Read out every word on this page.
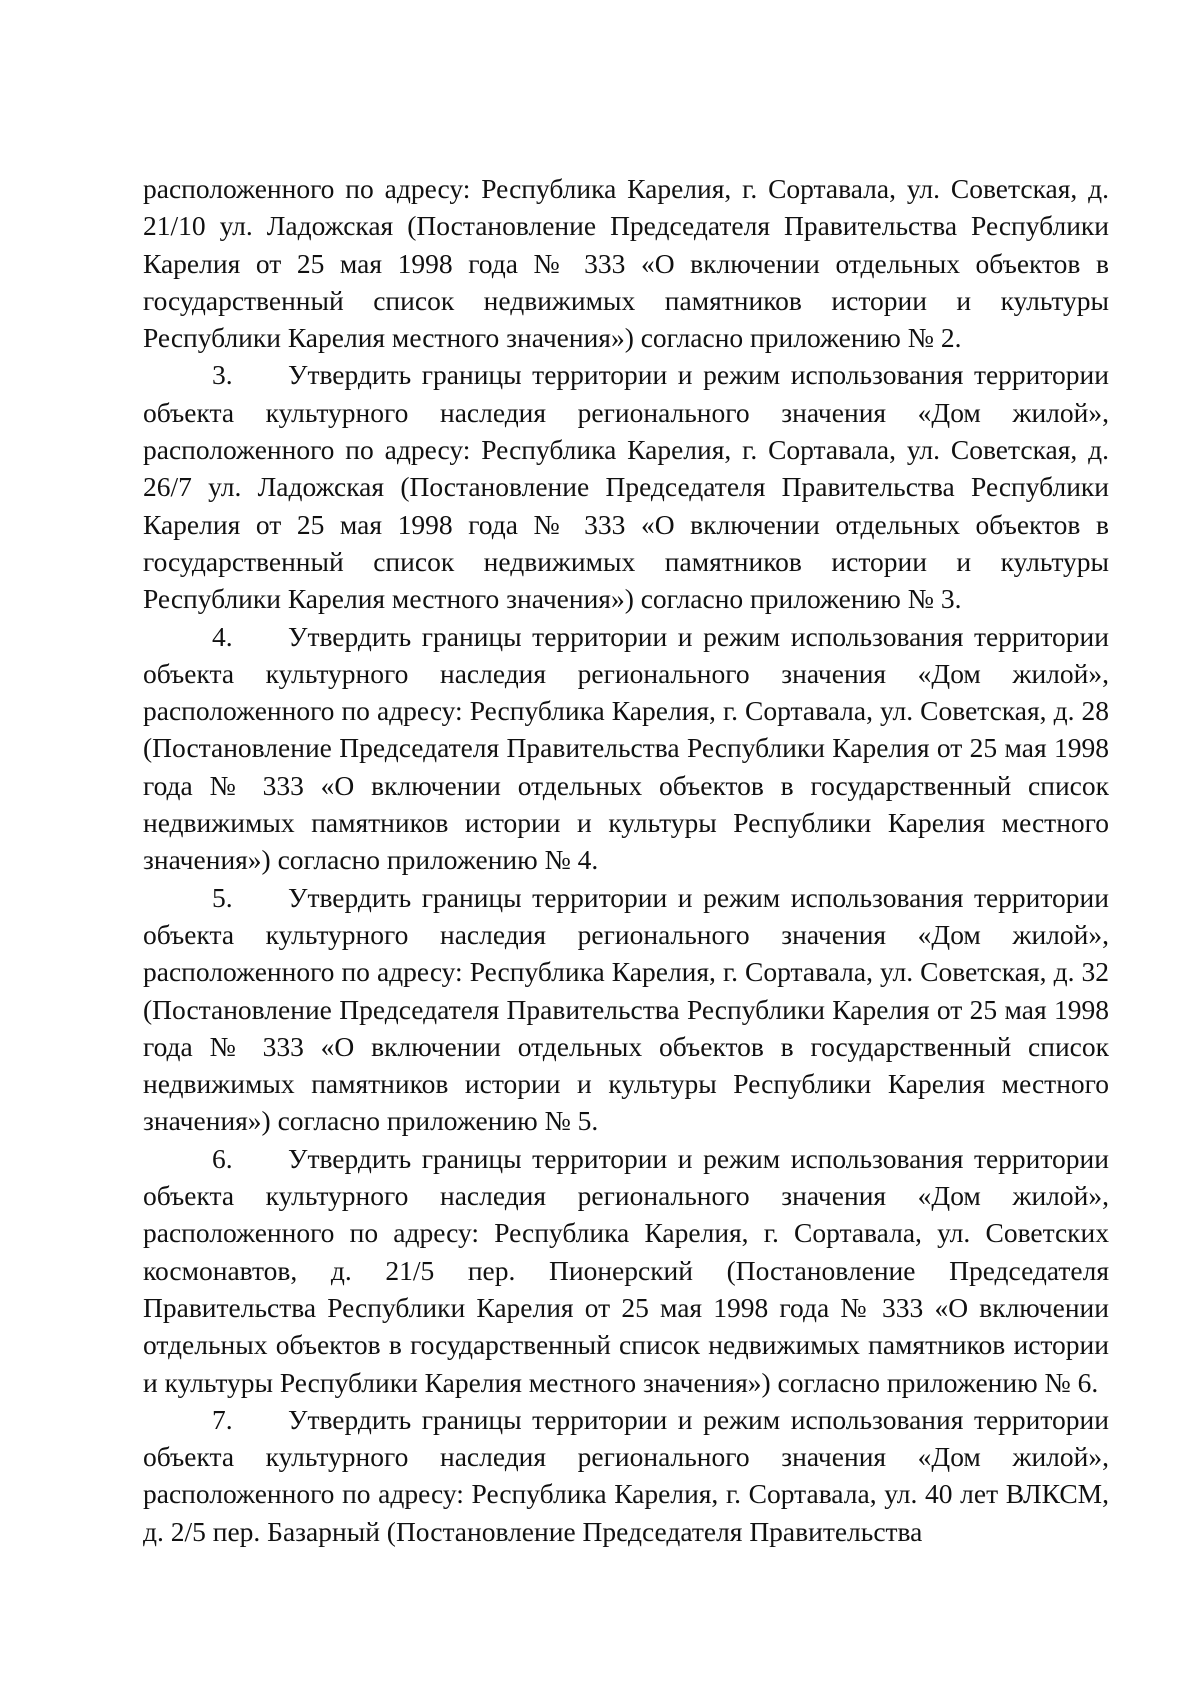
расположенного по адресу: Республика Карелия, г. Сортавала, ул. Советская, д. 21/10 ул. Ладожская (Постановление Председателя Правительства Республики Карелия от 25 мая 1998 года № 333 «О включении отдельных объектов в государственный список недвижимых памятников истории и культуры Республики Карелия местного значения») согласно приложению № 2.

3. Утвердить границы территории и режим использования территории объекта культурного наследия регионального значения «Дом жилой», расположенного по адресу: Республика Карелия, г. Сортавала, ул. Советская, д. 26/7 ул. Ладожская (Постановление Председателя Правительства Республики Карелия от 25 мая 1998 года № 333 «О включении отдельных объектов в государственный список недвижимых памятников истории и культуры Республики Карелия местного значения») согласно приложению № 3.

4. Утвердить границы территории и режим использования территории объекта культурного наследия регионального значения «Дом жилой», расположенного по адресу: Республика Карелия, г. Сортавала, ул. Советская, д. 28 (Постановление Председателя Правительства Республики Карелия от 25 мая 1998 года № 333 «О включении отдельных объектов в государственный список недвижимых памятников истории и культуры Республики Карелия местного значения») согласно приложению № 4.

5. Утвердить границы территории и режим использования территории объекта культурного наследия регионального значения «Дом жилой», расположенного по адресу: Республика Карелия, г. Сортавала, ул. Советская, д. 32 (Постановление Председателя Правительства Республики Карелия от 25 мая 1998 года № 333 «О включении отдельных объектов в государственный список недвижимых памятников истории и культуры Республики Карелия местного значения») согласно приложению № 5.

6. Утвердить границы территории и режим использования территории объекта культурного наследия регионального значения «Дом жилой», расположенного по адресу: Республика Карелия, г. Сортавала, ул. Советских космонавтов, д. 21/5 пер. Пионерский (Постановление Председателя Правительства Республики Карелия от 25 мая 1998 года № 333 «О включении отдельных объектов в государственный список недвижимых памятников истории и культуры Республики Карелия местного значения») согласно приложению № 6.

7. Утвердить границы территории и режим использования территории объекта культурного наследия регионального значения «Дом жилой», расположенного по адресу: Республика Карелия, г. Сортавала, ул. 40 лет ВЛКСМ, д. 2/5 пер. Базарный (Постановление Председателя Правительства
